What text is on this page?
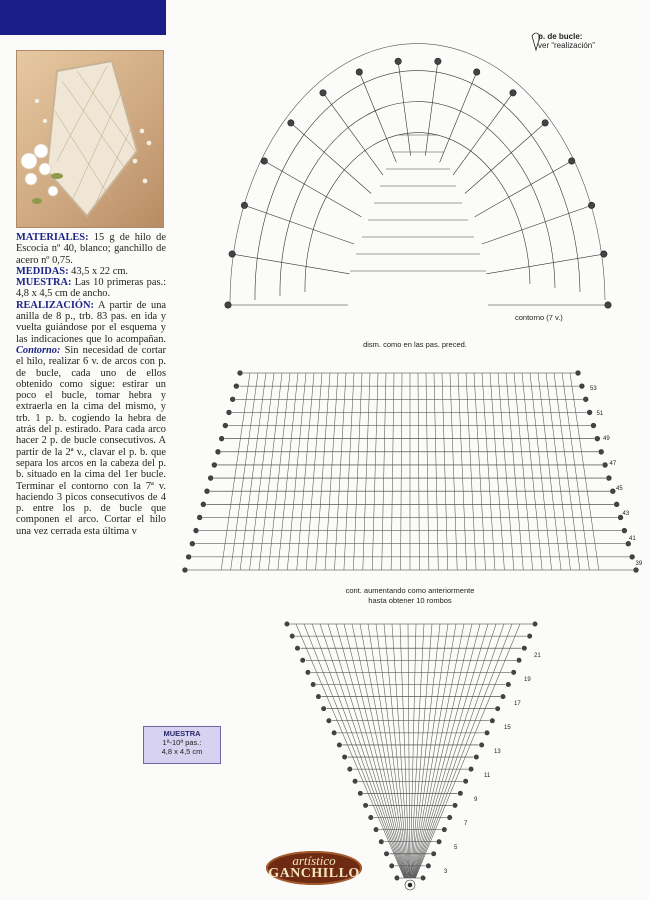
MATERIALES: 15 g de hilo de Escocia nº 40, blanco; ganchillo de acero nº 0,75.

MEDIDAS: 43,5 x 22 cm.

MUESTRA: Las 10 primeras pas.: 4,8 x 4,5 cm de ancho.

REALIZACIÓN: A partir de una anilla de 8 p., trb. 83 pas. en ida y vuelta guiándose por el esquema y las indicaciones que lo acompañan. Contorno: Sin necesidad de cortar el hilo, realizar 6 v. de arcos con p. de bucle, cada uno de ellos obtenido como sigue: estirar un poco el bucle, tomar hebra y extraerla en la cima del mismo, y trb. 1 p. b. cogiendo la hebra de atrás del p. estirado. Para cada arco hacer 2 p. de bucle consecutivos. A partir de la 2ª v., clavar el p. b. que separa los arcos en la cabeza del p. b. situado en la cima del 1er bucle. Terminar el contorno con la 7ª v. haciendo 3 picos consecutivos de 4 p. entre los p. de bucle que componen el arco. Cortar el hilo una vez cerrada esta última v

p. de bucle:
ver “realización”
53
51
49
47
45
43
41
39
21
19
17
15
13
11
9
7
5
3
contorno (7 v.)
dism. como en las pas. preced.
cont. aumentando como anteriormente
hasta obtener 10 rombos
MUESTRA
1ª-10ª pas.:
4,8 x 4,5 cm
artístico
GANCHILLO
